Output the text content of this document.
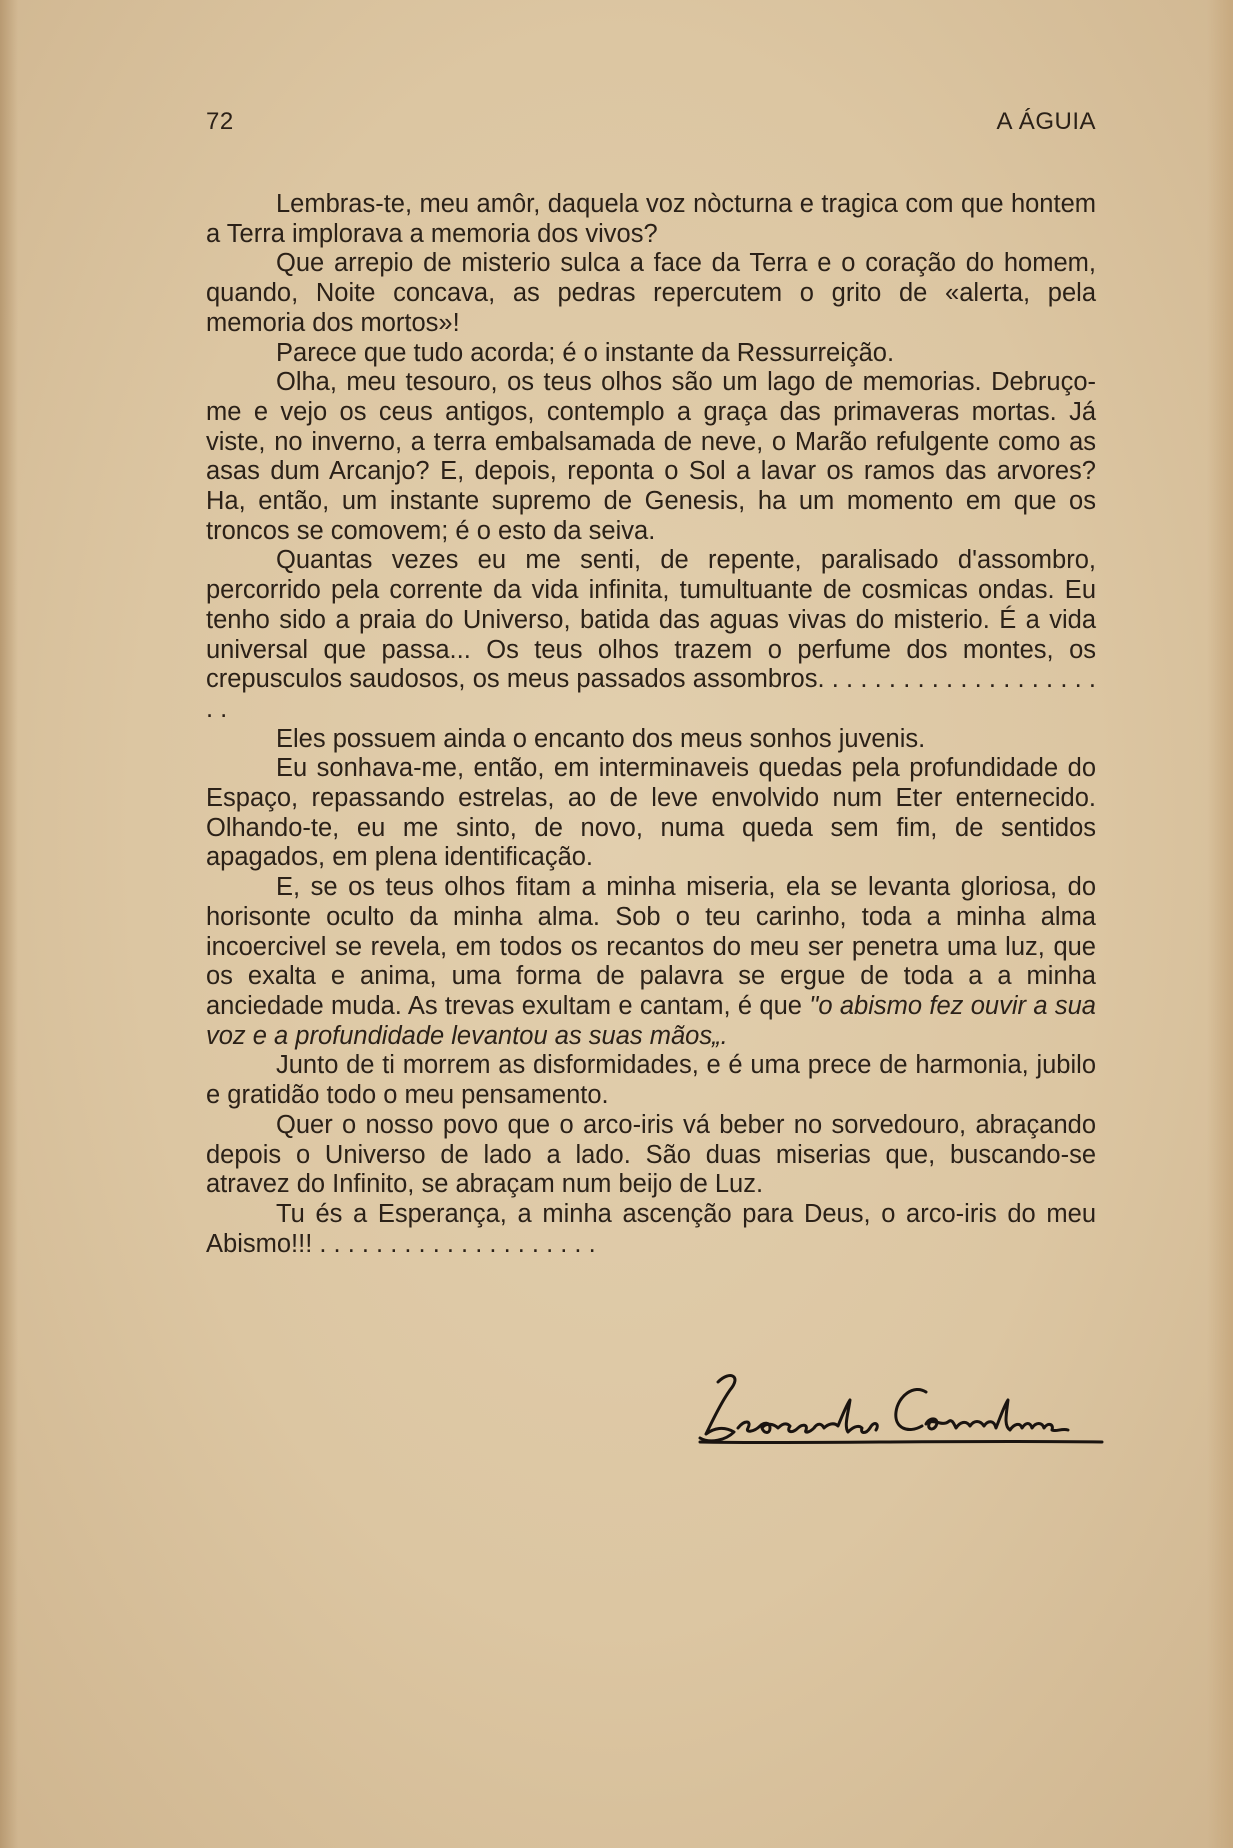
72	A ÁGUIA

Lembras-te, meu amôr, daquela voz nòcturna e tragica com que hontem a Terra implorava a memoria dos vivos?

Que arrepio de misterio sulca a face da Terra e o coração do homem, quando, Noite concava, as pedras repercutem o grito de «alerta, pela memoria dos mortos»!

Parece que tudo acorda; é o instante da Ressurreição.

Olha, meu tesouro, os teus olhos são um lago de memorias. Debruço-me e vejo os ceus antigos, contemplo a graça das primaveras mortas. Já viste, no inverno, a terra embalsamada de neve, o Marão refulgente como as asas dum Arcanjo? E, depois, reponta o Sol a lavar os ramos das arvores? Ha, então, um instante supremo de Genesis, ha um momento em que os troncos se comovem; é o esto da seiva.

Quantas vezes eu me senti, de repente, paralisado d'assombro, percorrido pela corrente da vida infinita, tumultuante de cosmicas ondas. Eu tenho sido a praia do Universo, batida das aguas vivas do misterio. É a vida universal que passa... Os teus olhos trazem o perfume dos montes, os crepusculos saudosos, os meus passados assombros. . . . . . . . . . . . . . . . . . . . . .

Eles possuem ainda o encanto dos meus sonhos juvenis.

Eu sonhava-me, então, em interminaveis quedas pela profundidade do Espaço, repassando estrelas, ao de leve envolvido num Eter enternecido. Olhando-te, eu me sinto, de novo, numa queda sem fim, de sentidos apagados, em plena identificação.

E, se os teus olhos fitam a minha miseria, ela se levanta gloriosa, do horisonte oculto da minha alma. Sob o teu carinho, toda a minha alma incoercivel se revela, em todos os recantos do meu ser penetra uma luz, que os exalta e anima, uma forma de palavra se ergue de toda a a minha anciedade muda. As trevas exultam e cantam, é que "o abismo fez ouvir a sua voz e a profundidade levantou as suas mãos„.

Junto de ti morrem as disformidades, e é uma prece de harmonia, jubilo e gratidão todo o meu pensamento.

Quer o nosso povo que o arco-iris vá beber no sorvedouro, abraçando depois o Universo de lado a lado. São duas miserias que, buscando-se atravez do Infinito, se abraçam num beijo de Luz.

Tu és a Esperança, a minha ascenção para Deus, o arco-iris do meu Abismo!!! . . . . . . . . . . . . . . . . . . . .
